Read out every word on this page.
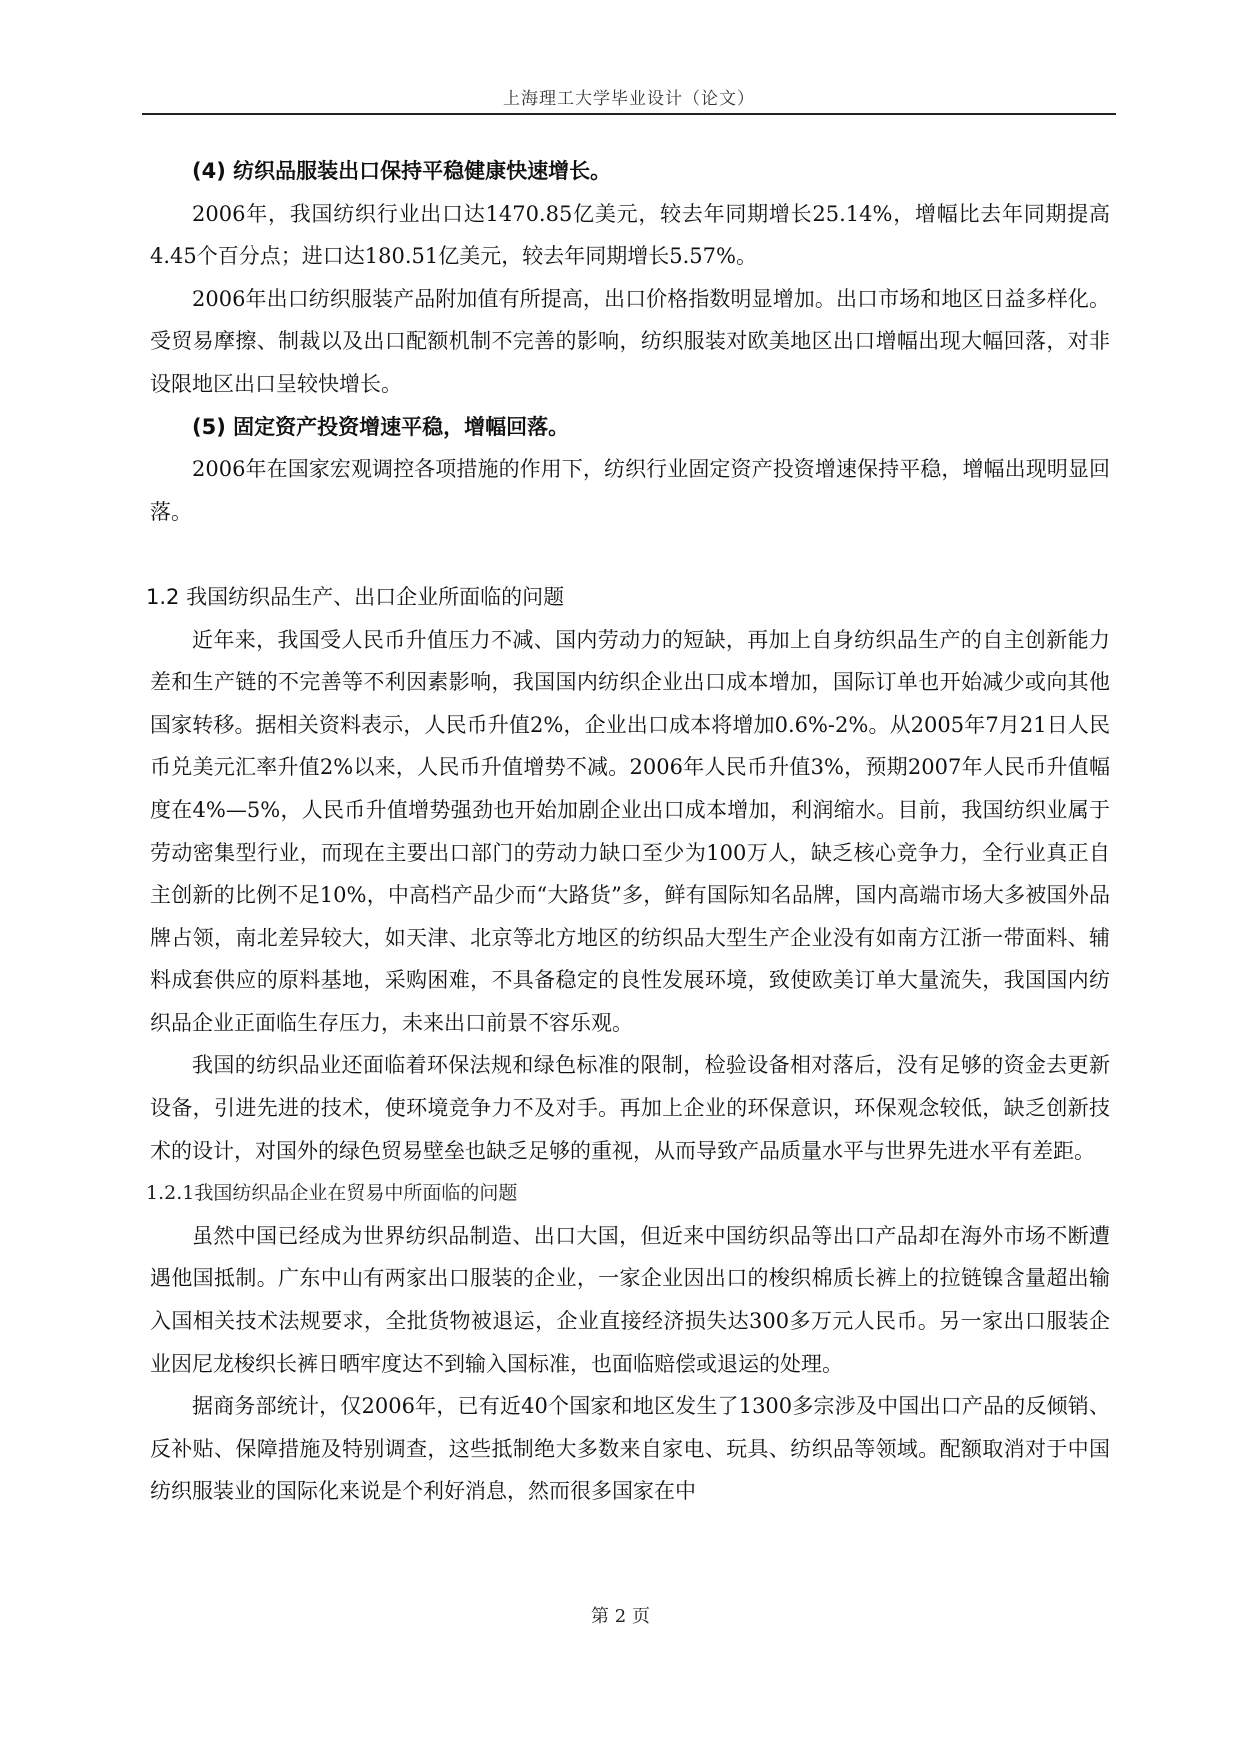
上海理工大学毕业设计（论文）

(4) 纺织品服装出口保持平稳健康快速增长。

2006年，我国纺织行业出口达1470.85亿美元，较去年同期增长25.14%，增幅比去年同期提高4.45个百分点；进口达180.51亿美元，较去年同期增长5.57%。

2006年出口纺织服装产品附加值有所提高，出口价格指数明显增加。出口市场和地区日益多样化。受贸易摩擦、制裁以及出口配额机制不完善的影响，纺织服装对欧美地区出口增幅出现大幅回落，对非设限地区出口呈较快增长。

(5) 固定资产投资增速平稳，增幅回落。

2006年在国家宏观调控各项措施的作用下，纺织行业固定资产投资增速保持平稳，增幅出现明显回落。

1.2 我国纺织品生产、出口企业所面临的问题

近年来，我国受人民币升值压力不减、国内劳动力的短缺，再加上自身纺织品生产的自主创新能力差和生产链的不完善等不利因素影响，我国国内纺织企业出口成本增加，国际订单也开始减少或向其他国家转移。据相关资料表示，人民币升值2%，企业出口成本将增加0.6%-2%。从2005年7月21日人民币兑美元汇率升值2%以来，人民币升值增势不减。2006年人民币升值3%，预期2007年人民币升值幅度在4%—5%，人民币升值增势强劲也开始加剧企业出口成本增加，利润缩水。目前，我国纺织业属于劳动密集型行业，而现在主要出口部门的劳动力缺口至少为100万人，缺乏核心竞争力，全行业真正自主创新的比例不足10%，中高档产品少而“大路货”多，鲜有国际知名品牌，国内高端市场大多被国外品牌占领，南北差异较大，如天津、北京等北方地区的纺织品大型生产企业没有如南方江浙一带面料、辅料成套供应的原料基地，采购困难，不具备稳定的良性发展环境，致使欧美订单大量流失，我国国内纺织品企业正面临生存压力，未来出口前景不容乐观。

我国的纺织品业还面临着环保法规和绿色标准的限制，检验设备相对落后，没有足够的资金去更新设备，引进先进的技术，使环境竞争力不及对手。再加上企业的环保意识，环保观念较低，缺乏创新技术的设计，对国外的绿色贸易壁垒也缺乏足够的重视，从而导致产品质量水平与世界先进水平有差距。

1.2.1我国纺织品企业在贸易中所面临的问题

虽然中国已经成为世界纺织品制造、出口大国，但近来中国纺织品等出口产品却在海外市场不断遭遇他国抵制。广东中山有两家出口服装的企业，一家企业因出口的梭织棉质长裤上的拉链镍含量超出输入国相关技术法规要求，全批货物被退运，企业直接经济损失达300多万元人民币。另一家出口服装企业因尼龙梭织长裤日晒牢度达不到输入国标准，也面临赔偿或退运的处理。

据商务部统计，仅2006年，已有近40个国家和地区发生了1300多宗涉及中国出口产品的反倾销、反补贴、保障措施及特别调查，这些抵制绝大多数来自家电、玩具、纺织品等领域。配额取消对于中国纺织服装业的国际化来说是个利好消息，然而很多国家在中

第 2 页
